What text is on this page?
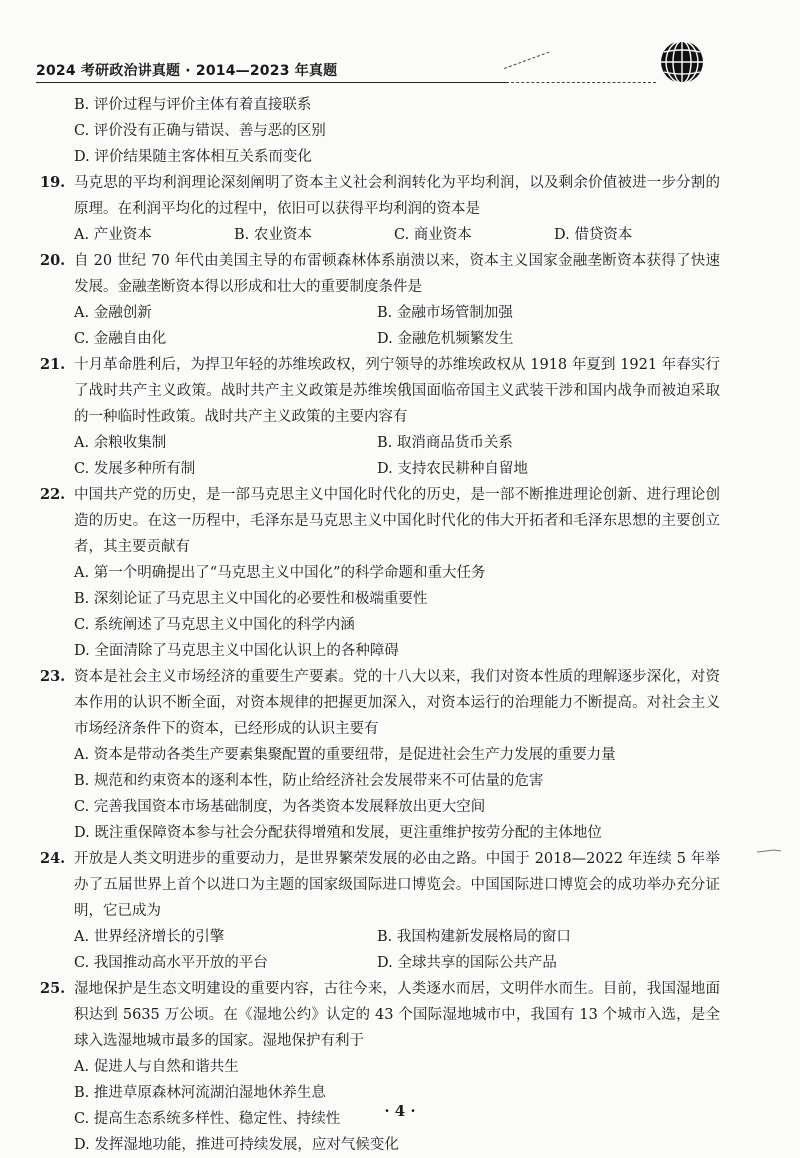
2024 考研政治讲真题 · 2014—2023 年真题
B. 评价过程与评价主体有着直接联系
C. 评价没有正确与错误、善与恶的区别
D. 评价结果随主客体相互关系而变化
19. 马克思的平均利润理论深刻阐明了资本主义社会利润转化为平均利润，以及剩余价值被进一步分割的原理。在利润平均化的过程中，依旧可以获得平均利润的资本是
A. 产业资本	B. 农业资本	C. 商业资本	D. 借贷资本
20. 自 20 世纪 70 年代由美国主导的布雷顿森林体系崩溃以来，资本主义国家金融垄断资本获得了快速发展。金融垄断资本得以形成和壮大的重要制度条件是
A. 金融创新	B. 金融市场管制加强
C. 金融自由化	D. 金融危机频繁发生
21. 十月革命胜利后，为捍卫年轻的苏维埃政权，列宁领导的苏维埃政权从 1918 年夏到 1921 年春实行了战时共产主义政策。战时共产主义政策是苏维埃俄国面临帝国主义武装干涉和国内战争而被迫采取的一种临时性政策。战时共产主义政策的主要内容有
A. 余粮收集制	B. 取消商品货币关系
C. 发展多种所有制	D. 支持农民耕种自留地
22. 中国共产党的历史，是一部马克思主义中国化时代化的历史，是一部不断推进理论创新、进行理论创造的历史。在这一历程中，毛泽东是马克思主义中国化时代化的伟大开拓者和毛泽东思想的主要创立者，其主要贡献有
A. 第一个明确提出了“马克思主义中国化”的科学命题和重大任务
B. 深刻论证了马克思主义中国化的必要性和极端重要性
C. 系统阐述了马克思主义中国化的科学内涵
D. 全面清除了马克思主义中国化认识上的各种障碍
23. 资本是社会主义市场经济的重要生产要素。党的十八大以来，我们对资本性质的理解逐步深化，对资本作用的认识不断全面，对资本规律的把握更加深入，对资本运行的治理能力不断提高。对社会主义市场经济条件下的资本，已经形成的认识主要有
A. 资本是带动各类生产要素集聚配置的重要纽带，是促进社会生产力发展的重要力量
B. 规范和约束资本的逐利本性，防止给经济社会发展带来不可估量的危害
C. 完善我国资本市场基础制度，为各类资本发展释放出更大空间
D. 既注重保障资本参与社会分配获得增殖和发展，更注重维护按劳分配的主体地位
24. 开放是人类文明进步的重要动力，是世界繁荣发展的必由之路。中国于 2018—2022 年连续 5 年举办了五届世界上首个以进口为主题的国家级国际进口博览会。中国国际进口博览会的成功举办充分证明，它已成为
A. 世界经济增长的引擎	B. 我国构建新发展格局的窗口
C. 我国推动高水平开放的平台	D. 全球共享的国际公共产品
25. 湿地保护是生态文明建设的重要内容，古往今来，人类逐水而居，文明伴水而生。目前，我国湿地面积达到 5635 万公顷。在《湿地公约》认定的 43 个国际湿地城市中，我国有 13 个城市入选，是全球入选湿地城市最多的国家。湿地保护有利于
A. 促进人与自然和谐共生
B. 推进草原森林河流湖泊湿地休养生息
C. 提高生态系统多样性、稳定性、持续性
D. 发挥湿地功能，推进可持续发展，应对气候变化
· 4 ·
